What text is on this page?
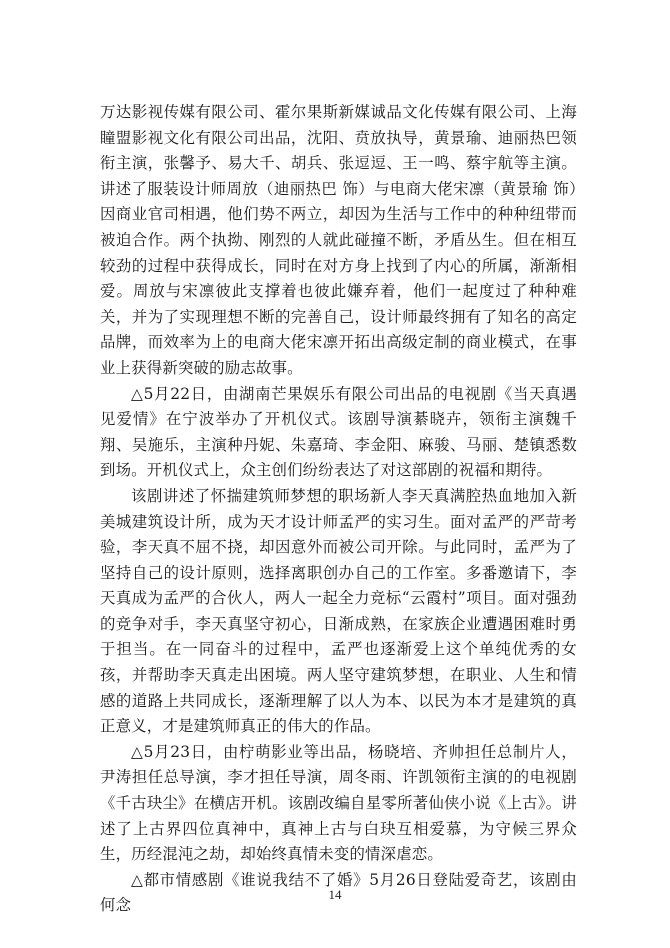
万达影视传媒有限公司、霍尔果斯新媒诚品文化传媒有限公司、上海瞳盟影视文化有限公司出品，沈阳、贲放执导，黄景瑜、迪丽热巴领衔主演，张馨予、易大千、胡兵、张逗逗、王一鸣、蔡宇航等主演。讲述了服装设计师周放（迪丽热巴 饰）与电商大佬宋凛（黄景瑜 饰）因商业官司相遇，他们势不两立，却因为生活与工作中的种种纽带而被迫合作。两个执拗、刚烈的人就此碰撞不断，矛盾丛生。但在相互较劲的过程中获得成长，同时在对方身上找到了内心的所属，渐渐相爱。周放与宋凛彼此支撑着也彼此嫌弃着，他们一起度过了种种难关，并为了实现理想不断的完善自己，设计师最终拥有了知名的高定品牌，而效率为上的电商大佬宋凛开拓出高级定制的商业模式，在事业上获得新突破的励志故事。

△5月22日，由湖南芒果娱乐有限公司出品的电视剧《当天真遇见爱情》在宁波举办了开机仪式。该剧导演綦晓卉，领衔主演魏千翔、吴施乐，主演种丹妮、朱嘉琦、李金阳、麻骏、马丽、楚镇悉数到场。开机仪式上，众主创们纷纷表达了对这部剧的祝福和期待。

该剧讲述了怀揣建筑师梦想的职场新人李天真满腔热血地加入新美城建筑设计所，成为天才设计师孟严的实习生。面对孟严的严苛考验，李天真不屈不挠，却因意外而被公司开除。与此同时，孟严为了坚持自己的设计原则，选择离职创办自己的工作室。多番邀请下，李天真成为孟严的合伙人，两人一起全力竞标“云霞村”项目。面对强劲的竞争对手，李天真坚守初心，日渐成熟，在家族企业遭遇困难时勇于担当。在一同奋斗的过程中，孟严也逐渐爱上这个单纯优秀的女孩，并帮助李天真走出困境。两人坚守建筑梦想，在职业、人生和情感的道路上共同成长，逐渐理解了以人为本、以民为本才是建筑的真正意义，才是建筑师真正的伟大的作品。

△5月23日，由柠萌影业等出品，杨晓培、齐帅担任总制片人，尹涛担任总导演，李才担任导演，周冬雨、许凯领衔主演的的电视剧《千古玦尘》在横店开机。该剧改编自星零所著仙侠小说《上古》。讲述了上古界四位真神中，真神上古与白玦互相爱慕，为守候三界众生，历经混沌之劫，却始终真情未变的情深虐恋。

△都市情感剧《谁说我结不了婚》5月26日登陆爱奇艺，该剧由何念

14
